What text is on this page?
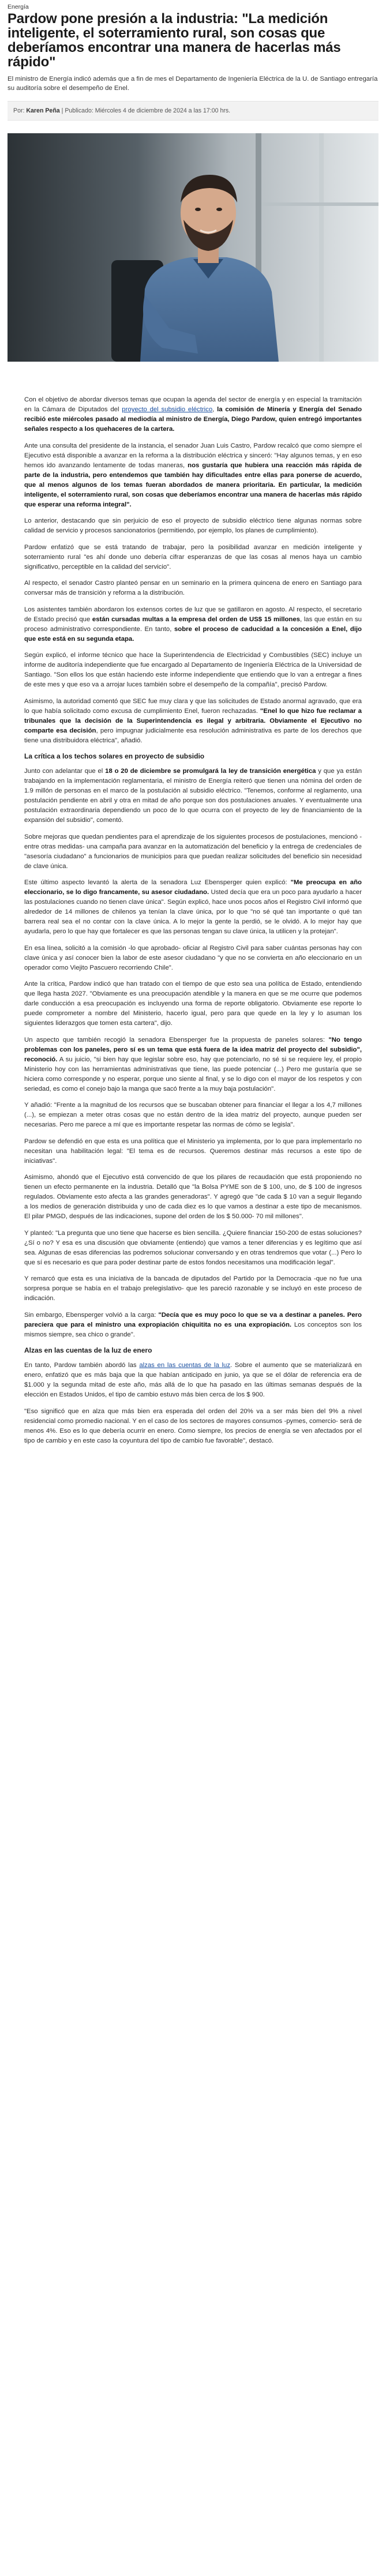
Energía
Pardow pone presión a la industria: "La medición inteligente, el soterramiento rural, son cosas que deberíamos encontrar una manera de hacerlas más rápido"

El ministro de Energía indicó además que a fin de mes el Departamento de Ingeniería Eléctrica de la U. de Santiago entregaría su auditoría sobre el desempeño de Enel.

Por: Karen Peña | Publicado: Miércoles 4 de diciembre de 2024 a las 17:00 hrs.

Con el objetivo de abordar diversos temas que ocupan la agenda del sector de energía y en especial la tramitación en la Cámara de Diputados del proyecto del subsidio eléctrico, la comisión de Minería y Energía del Senado recibió este miércoles pasado al mediodía al ministro de Energía, Diego Pardow, quien entregó importantes señales respecto a los quehaceres de la cartera.

Ante una consulta del presidente de la instancia, el senador Juan Luis Castro, Pardow recalcó que como siempre el Ejecutivo está disponible a avanzar en la reforma a la distribución eléctrica y sinceró: "Hay algunos temas, y en eso hemos ido avanzando lentamente de todas maneras, nos gustaría que hubiera una reacción más rápida de parte de la industria, pero entendemos que también hay dificultades entre ellas para ponerse de acuerdo, que al menos algunos de los temas fueran abordados de manera prioritaria. En particular, la medición inteligente, el soterramiento rural, son cosas que deberíamos encontrar una manera de hacerlas más rápido que esperar una reforma integral".

Lo anterior, destacando que sin perjuicio de eso el proyecto de subsidio eléctrico tiene algunas normas sobre calidad de servicio y procesos sancionatorios (permitiendo, por ejemplo, los planes de cumplimiento).

Pardow enfatizó que se está tratando de trabajar, pero la posibilidad avanzar en medición inteligente y soterramiento rural "es ahí donde uno debería cifrar esperanzas de que las cosas al menos haya un cambio significativo, perceptible en la calidad del servicio".

Al respecto, el senador Castro planteó pensar en un seminario en la primera quincena de enero en Santiago para conversar más de transición y reforma a la distribución.

Los asistentes también abordaron los extensos cortes de luz que se gatillaron en agosto. Al respecto, el secretario de Estado precisó que están cursadas multas a la empresa del orden de US$ 15 millones, las que están en su proceso administrativo correspondiente. En tanto, sobre el proceso de caducidad a la concesión a Enel, dijo que este está en su segunda etapa.

Según explicó, el informe técnico que hace la Superintendencia de Electricidad y Combustibles (SEC) incluye un informe de auditoría independiente que fue encargado al Departamento de Ingeniería Eléctrica de la Universidad de Santiago. "Son ellos los que están haciendo este informe independiente que entiendo que lo van a entregar a fines de este mes y que eso va a arrojar luces también sobre el desempeño de la compañía", precisó Pardow.

Asimismo, la autoridad comentó que SEC fue muy clara y que las solicitudes de Estado anormal agravado, que era lo que había solicitado como excusa de cumplimiento Enel, fueron rechazadas. "Enel lo que hizo fue reclamar a tribunales que la decisión de la Superintendencia es ilegal y arbitraria. Obviamente el Ejecutivo no comparte esa decisión, pero impugnar judicialmente esa resolución administrativa es parte de los derechos que tiene una distribuidora eléctrica", añadió.

La crítica a los techos solares en proyecto de subsidio

Junto con adelantar que el 18 o 20 de diciembre se promulgará la ley de transición energética y que ya están trabajando en la implementación reglamentaria, el ministro de Energía reiteró que tienen una nómina del orden de 1.9 millón de personas en el marco de la postulación al subsidio eléctrico. "Tenemos, conforme al reglamento, una postulación pendiente en abril y otra en mitad de año porque son dos postulaciones anuales. Y eventualmente una postulación extraordinaria dependiendo un poco de lo que ocurra con el proyecto de ley de financiamiento de la expansión del subsidio", comentó.

Sobre mejoras que quedan pendientes para el aprendizaje de los siguientes procesos de postulaciones, mencionó -entre otras medidas- una campaña para avanzar en la automatización del beneficio y la entrega de credenciales de "asesoría ciudadano" a funcionarios de municipios para que puedan realizar solicitudes del beneficio sin necesidad de clave única.

Este último aspecto levantó la alerta de la senadora Luz Ebensperger quien explicó: "Me preocupa en año eleccionario, se lo digo francamente, su asesor ciudadano. Usted decía que era un poco para ayudarlo a hacer las postulaciones cuando no tienen clave única". Según explicó, hace unos pocos años el Registro Civil informó que alrededor de 14 millones de chilenos ya tenían la clave única, por lo que "no sé qué tan importante o qué tan barrera real sea el no contar con la clave única. A lo mejor la gente la perdió, se le olvidó. A lo mejor hay que ayudarla, pero lo que hay que fortalecer es que las personas tengan su clave única, la utilicen y la protejan".

En esa línea, solicitó a la comisión -lo que aprobado- oficiar al Registro Civil para saber cuántas personas hay con clave única y así conocer bien la labor de este asesor ciudadano "y que no se convierta en año eleccionario en un operador como Viejito Pascuero recorriendo Chile".

Ante la crítica, Pardow indicó que han tratado con el tiempo de que esto sea una política de Estado, entendiendo que llega hasta 2027. "Obviamente es una preocupación atendible y la manera en que se me ocurre que podemos darle conducción a esa preocupación es incluyendo una forma de reporte obligatorio. Obviamente ese reporte lo puede comprometer a nombre del Ministerio, hacerlo igual, pero para que quede en la ley y lo asuman los siguientes liderazgos que tomen esta cartera", dijo.

Un aspecto que también recogió la senadora Ebensperger fue la propuesta de paneles solares: "No tengo problemas con los paneles, pero sí es un tema que está fuera de la idea matriz del proyecto del subsidio", reconoció. A su juicio, "si bien hay que legislar sobre eso, hay que potenciarlo, no sé si se requiere ley, el propio Ministerio hoy con las herramientas administrativas que tiene, las puede potenciar (...) Pero me gustaría que se hiciera como corresponde y no esperar, porque uno siente al final, y se lo digo con el mayor de los respetos y con seriedad, es como el conejo bajo la manga que sacó frente a la muy baja postulación".

Y añadió: "Frente a la magnitud de los recursos que se buscaban obtener para financiar el llegar a los 4,7 millones (...), se empiezan a meter otras cosas que no están dentro de la idea matriz del proyecto, aunque pueden ser necesarias. Pero me parece a mí que es importante respetar las normas de cómo se legisla".

Pardow se defendió en que esta es una política que el Ministerio ya implementa, por lo que para implementarlo no necesitan una habilitación legal: "El tema es de recursos. Queremos destinar más recursos a este tipo de iniciativas".

Asimismo, ahondó que el Ejecutivo está convencido de que los pilares de recaudación que está proponiendo no tienen un efecto permanente en la industria. Detalló que "la Bolsa PYME son de $ 100, uno, de $ 100 de ingresos regulados. Obviamente esto afecta a las grandes generadoras". Y agregó que "de cada $ 10 van a seguir llegando a los medios de generación distribuida y uno de cada diez es lo que vamos a destinar a este tipo de mecanismos. El pilar PMGD, después de las indicaciones, supone del orden de los $ 50.000- 70 mil millones".

Y planteó: "La pregunta que uno tiene que hacerse es bien sencilla. ¿Quiere financiar 150-200 de estas soluciones? ¿Sí o no? Y esa es una discusión que obviamente (entiendo) que vamos a tener diferencias y es legítimo que así sea. Algunas de esas diferencias las podremos solucionar conversando y en otras tendremos que votar (...) Pero lo que sí es necesario es que para poder destinar parte de estos fondos necesitamos una modificación legal".

Y remarcó que esta es una iniciativa de la bancada de diputados del Partido por la Democracia -que no fue una sorpresa porque se había en el trabajo prelegislativo- que les pareció razonable y se incluyó en este proceso de indicación.

Sin embargo, Ebensperger volvió a la carga: "Decía que es muy poco lo que se va a destinar a paneles. Pero pareciera que para el ministro una expropiación chiquitita no es una expropiación. Los conceptos son los mismos siempre, sea chico o grande".

Alzas en las cuentas de la luz de enero

En tanto, Pardow también abordó las alzas en las cuentas de la luz. Sobre el aumento que se materializará en enero, enfatizó que es más baja que la que habían anticipado en junio, ya que se el dólar de referencia era de $1.000 y la segunda mitad de este año, más allá de lo que ha pasado en las últimas semanas después de la elección en Estados Unidos, el tipo de cambio estuvo más bien cerca de los $ 900.

"Eso significó que en alza que más bien era esperada del orden del 20% va a ser más bien del 9% a nivel residencial como promedio nacional. Y en el caso de los sectores de mayores consumos -pymes, comercio- será de menos 4%. Eso es lo que debería ocurrir en enero. Como siempre, los precios de energía se ven afectados por el tipo de cambio y en este caso la coyuntura del tipo de cambio fue favorable", destacó.
